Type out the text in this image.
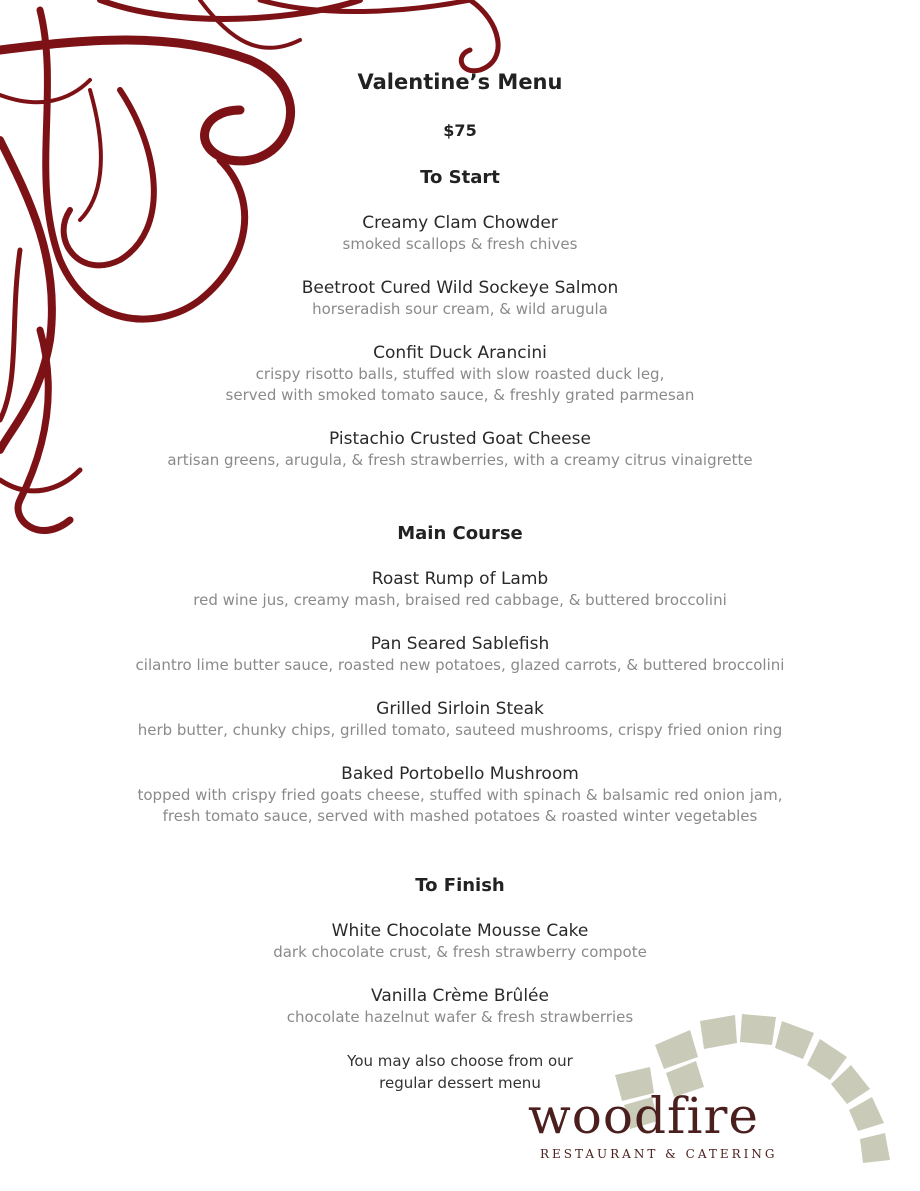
Valentine’s Menu
$75
To Start
Creamy Clam Chowder
smoked scallops & fresh chives
Beetroot Cured Wild Sockeye Salmon
horseradish sour cream, & wild arugula
Confit Duck Arancini
crispy risotto balls, stuffed with slow roasted duck leg,
served with smoked tomato sauce, & freshly grated parmesan
Pistachio Crusted Goat Cheese
artisan greens, arugula, & fresh strawberries, with a creamy citrus vinaigrette
Main Course
Roast Rump of Lamb
red wine jus, creamy mash, braised red cabbage, & buttered broccolini
Pan Seared Sablefish
cilantro lime butter sauce, roasted new potatoes, glazed carrots, & buttered broccolini
Grilled Sirloin Steak
herb butter, chunky chips, grilled tomato, sauteed mushrooms, crispy fried onion ring
Baked Portobello Mushroom
topped with crispy fried goats cheese, stuffed with spinach & balsamic red onion jam,
fresh tomato sauce, served with mashed potatoes & roasted winter vegetables
To Finish
White Chocolate Mousse Cake
dark chocolate crust, & fresh strawberry compote
Vanilla Crème Brûlée
chocolate hazelnut wafer & fresh strawberries
You may also choose from our
regular dessert menu
woodfire
RESTAURANT & CATERING
